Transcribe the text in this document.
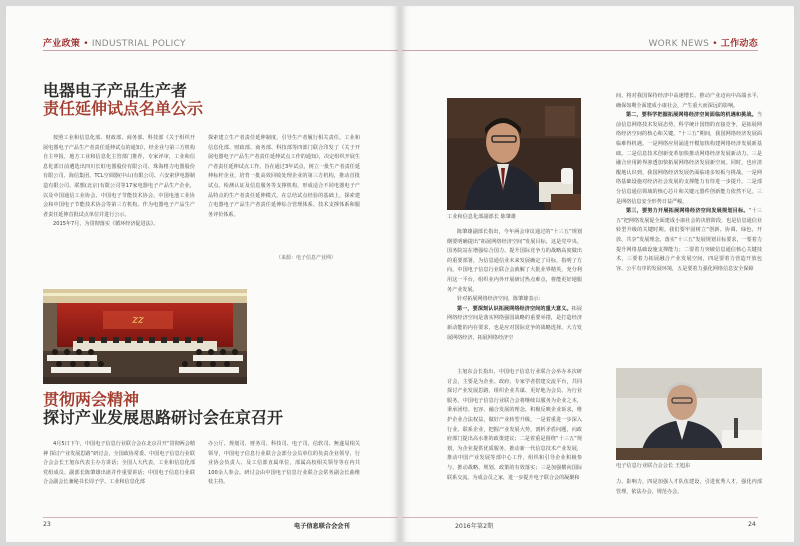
产业政策 • INDUSTRIAL POLICY
电器电子产品生产者
责任延伸试点名单公示

按照工业和信息化部、财政部、商务部、科技部《关于组织开展电器电子产品生产者责任延伸试点的通知》，经企业与第三方机构自主申报，地方工业和信息化主管部门推荐，专家评审，工业和信息化部日前遴选出四川长虹电器股份有限公司、珠海格力电器股份有限公司、海信集团、TCL空调器(中山)有限公司、六安索伊电器制造有限公司、联想(北京)有限公司等17家电器电子产品生产企业，以及中国通信工业协会、中国电子节能技术协会、中国电池工业协会和中国电子节能技术协会等第三方机构。作为电器电子产品生产者责任延伸首批试点单位并进行公示。

2015年7月，为贯彻落实《循环经济促进法》、

探索建立生产者责任延伸制度，引导生产者履行相关责任，工业和信息化部、财政部、商务部、科技部等四部门联合印发了《关于开展电器电子产品生产者责任延伸试点工作的通知》，决定组织开展生产者责任延伸试点工作。旨在通过3年试点，树立一批生产者责任延伸标杆企业，培育一批高效回收处理企业的第三方机构，推动首批试点。检测认证及信息服务等支撑机构，形成适合不同电器电子产品特点的生产者责任延伸模式，在总结试点经验的基础上，探索建立电器电子产品生产者责任延伸综合管理体系、技术支撑体系和服务评价体系。

（来源：电子信息产业网）
zz
贯彻两会精神
探讨产业发展思路研讨会在京召开

4月5日下午，中国电子信息行业联合会在北京召开“贯彻两会精神 探讨产业发展思路”研讨会，全国政协常委、中国电子信息行业联合会会长王旭东代表主办方讲话；全国人大代表，工业和信息化部党组成员、副部长陈肇雄出席并作重要讲话；中国电子信息行业联合会副会长兼秘书长周子学、工业和信息化部

办公厅、规划司、财务司、科技司、电子司、信软司、無遂局相关领导，中国电子信息行业联合会部分会员单位的负责企业领导、行业协会负责人、及工信部直属单位，部属高校相关领导等在内共100余人参会。研讨会由中国电子信息行业联合会常务副会长曲维枝主持。

23	电子信息联合会会刊
WORK NEWS • 工作动态
工业和信息化部副部长 陈肇雄

陈肇雄副部长指出，今年两会审议通过的“十三五”规划纲要明确提出“拓展网络经济空间”发展目标，这是党中央、国务院站在增强综合国力、提升国际竞争力的战略高度做出的重要部署，为信息通信业未来发展确定了目标，指明了方向。中国电子信息行业联合会就解了大批业界精英，充分利用这一平台，组织业内外开展研讨热点难点，将能更好地服务产业发展。

针对拓展网络经济空间，陈肇雄表示：

第一，要深刻认识拓展网络经济空间的重大意义。拓展网络经济空间是落实网络强国战略的重要举措，是打造经济新动能的内在要求，也是应对国际竞争的战略选择。大力发展网络经济，拓展网络经济空

主旭东会长指出，中国电子信息行业联合会举办本次研讨会，主要是为企业、政府、专家学者搭建交流平台，共同探讨产业发展思路，组织企业共谋、更好地为会员、为行业服务。中国电子信息行业联合会将继续以服务为企业之本，秉承团结、包容、融合发展的理念，积极反映企业诉求，维护企业合法权益，做好产业转型升级，一是着重进一步深入行业、联系企业，把握产业发展大势，剖析矛盾问题，向政府部门提出高水准的政策建议；二是着重是围绕“十三五”规划，为企业提供优质服务，推动新一代信息技术产业发展，推动中国产业发展等部中心工作，组织和引导企业积极参与，推动战略、规划、政策的有效落实；三是加强横向国际联系交流，为成会员之家，进一步提升电子联合会的凝聚和

间，将对我国保持经济中高速增长、推动产业迈向中高端水平，确保如期全面建成小康社会，产生重大而深远的影响。

第二，要科学把握拓展网络经济空间面临的机遇和挑战。当前信息网络技术发展态势，科学统计国情的直接竞争，是拓展网络经济空间的核心和关键。“十三五”期间，我国网络经济发展面临难得机遇。一是网络应用涌进开模加快构建网络经济发展新基础。二是信息技术创新变革加快推动网络经济发展新动力。三是融合应用跨界渗透加快拓展网络经济发展新空间。同时，也应清醒地认识到，我国网络经济发展仍面临诸多短板与挑战。一是网络基础设施对经济社会发展的支撑能力有待进一步提升。二是部分信息通信领域的核心芯片和关键元器件创新能力依然不足。三是网络信息安全形势日益严峻。

第三，要努力开展拓展网络经济空间发展规划目标。“十三五”把网络发展促全面建成小康社会的决胜阶段，也是信息通信业转型升级的关键时期。我们要牢固树立“创新、协调、绿色、开放、共享”发展理念，落实“十三五”发展规划目标要求，一要着力提升网络基础设施支撑能力；二要着力突破信息通信核心关键技术，三要着力拓展融合产业发展空间，四是要着力营造开放包容、公平有序的发展环境，五是要着力强化网络信息安全保障

电子信息行业联合会会长 王旭东

力、影响力，四是加强人才队伍建设，引进优秀人才，强化内部管理，依法办会，规范办会。

2016年第2期	24
